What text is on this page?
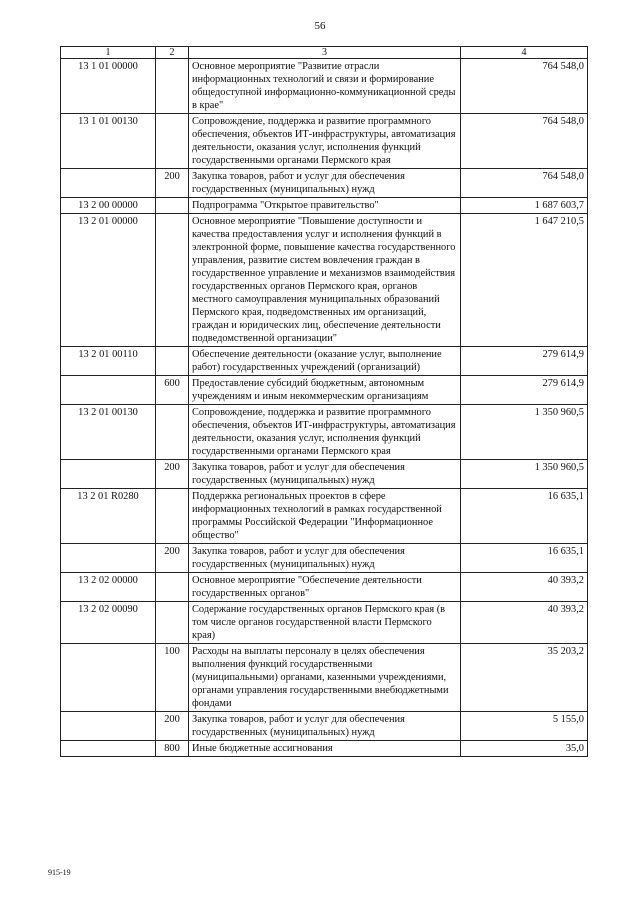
56
1	2	3	4
13 1 01 00000		Основное мероприятие "Развитие отрасли информационных технологий и связи и формирование общедоступной информационно-коммуникационной среды в крае"	764 548,0
13 1 01 00130		Сопровождение, поддержка и развитие программного обеспечения, объектов ИТ-инфраструктуры, автоматизация деятельности, оказания услуг, исполнения функций государственными органами Пермского края	764 548,0
	200	Закупка товаров, работ и услуг для обеспечения государственных (муниципальных) нужд	764 548,0
13 2 00 00000		Подпрограмма "Открытое правительство"	1 687 603,7
13 2 01 00000		Основное мероприятие "Повышение доступности и качества предоставления услуг и исполнения функций в электронной форме, повышение качества государственного управления, развитие систем вовлечения граждан в государственное управление и механизмов взаимодействия государственных органов Пермского края, органов местного самоуправления муниципальных образований Пермского края, подведомственных им организаций, граждан и юридических лиц, обеспечение деятельности подведомственной организации"	1 647 210,5
13 2 01 00110		Обеспечение деятельности (оказание услуг, выполнение работ) государственных учреждений (организаций)	279 614,9
	600	Предоставление субсидий бюджетным, автономным учреждениям и иным некоммерческим организациям	279 614,9
13 2 01 00130		Сопровождение, поддержка и развитие программного обеспечения, объектов ИТ-инфраструктуры, автоматизация деятельности, оказания услуг, исполнения функций государственными органами Пермского края	1 350 960,5
	200	Закупка товаров, работ и услуг для обеспечения государственных (муниципальных) нужд	1 350 960,5
13 2 01 R0280		Поддержка региональных проектов в сфере информационных технологий в рамках государственной программы Российской Федерации "Информационное общество"	16 635,1
	200	Закупка товаров, работ и услуг для обеспечения государственных (муниципальных) нужд	16 635,1
13 2 02 00000		Основное мероприятие "Обеспечение деятельности государственных органов"	40 393,2
13 2 02 00090		Содержание государственных органов Пермского края (в том числе органов государственной власти Пермского края)	40 393,2
	100	Расходы на выплаты персоналу в целях обеспечения выполнения функций государственными (муниципальными) органами, казенными учреждениями, органами управления государственными внебюджетными фондами	35 203,2
	200	Закупка товаров, работ и услуг для обеспечения государственных (муниципальных) нужд	5 155,0
	800	Иные бюджетные ассигнования	35,0
915-19
